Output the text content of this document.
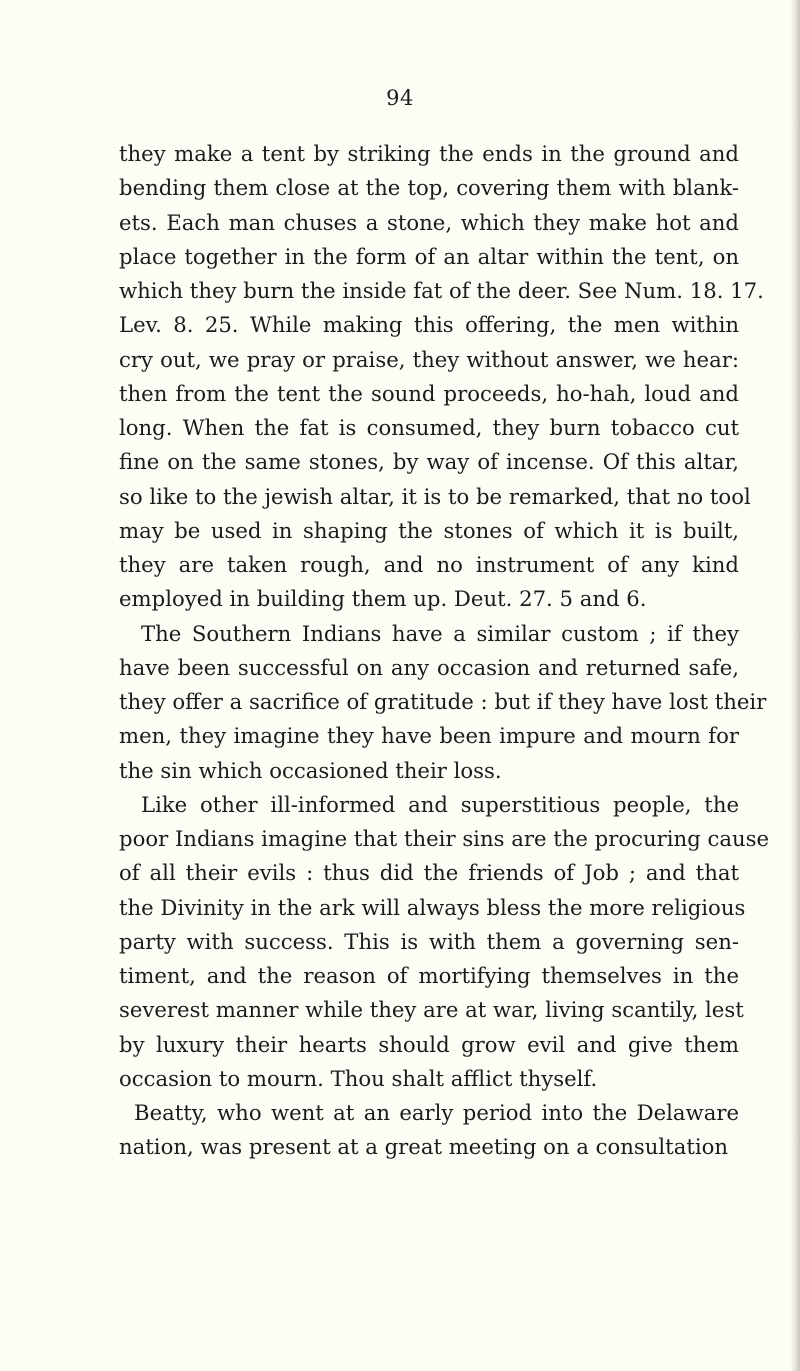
94
they make a tent by striking the ends in the ground and
bending them close at the top, covering them with blank-
ets. Each man chuses a stone, which they make hot and
place together in the form of an altar within the tent, on
which they burn the inside fat of the deer. See Num. 18. 17.
Lev. 8. 25. While making this offering, the men within
cry out, we pray or praise, they without answer, we hear:
then from the tent the sound proceeds, ho-hah, loud and
long. When the fat is consumed, they burn tobacco cut
fine on the same stones, by way of incense. Of this altar,
so like to the jewish altar, it is to be remarked, that no tool
may be used in shaping the stones of which it is built,
they are taken rough, and no instrument of any kind
employed in building them up. Deut. 27. 5 and 6.
The Southern Indians have a similar custom ; if they
have been successful on any occasion and returned safe,
they offer a sacrifice of gratitude : but if they have lost their
men, they imagine they have been impure and mourn for
the sin which occasioned their loss.
Like other ill-informed and superstitious people, the
poor Indians imagine that their sins are the procuring cause
of all their evils : thus did the friends of Job ; and that
the Divinity in the ark will always bless the more religious
party with success. This is with them a governing sen-
timent, and the reason of mortifying themselves in the
severest manner while they are at war, living scantily, lest
by luxury their hearts should grow evil and give them
occasion to mourn. Thou shalt afflict thyself.
Beatty, who went at an early period into the Delaware
nation, was present at a great meeting on a consultation
